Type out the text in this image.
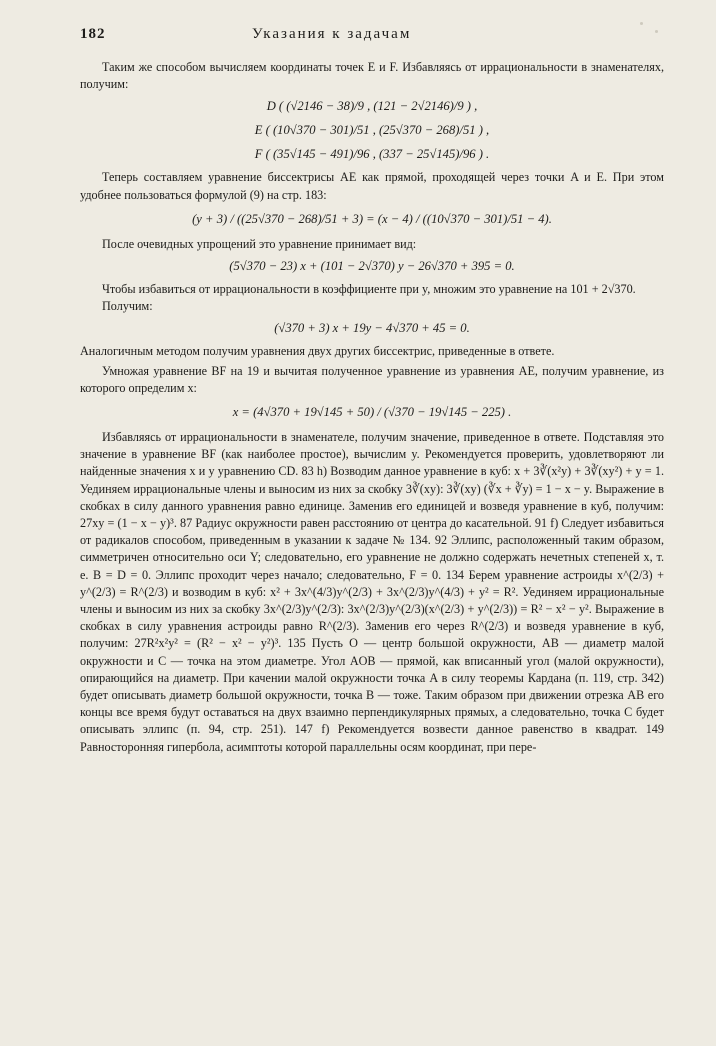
182	Указания к задачам

Таким же способом вычисляем координаты точек E и F. Избавляясь от иррациональности в знаменателях, получим:

D ( (√2146 − 38)/9 , (121 − 2√2146)/9 ) ,
E ( (10√370 − 301)/51 , (25√370 − 268)/51 ) ,
F ( (35√145 − 491)/96 , (337 − 25√145)/96 ) .

Теперь составляем уравнение биссектрисы AE как прямой, проходящей через точки A и E. При этом удобнее пользоваться формулой (9) на стр. 183:

(y + 3) / ((25√370 − 268)/51 + 3) = (x − 4) / ((10√370 − 301)/51 − 4).

После очевидных упрощений это уравнение принимает вид:

(5√370 − 23) x + (101 − 2√370) y − 26√370 + 395 = 0.

Чтобы избавиться от иррациональности в коэффициенте при y, множим это уравнение на 101 + 2√370.

Получим:

(√370 + 3) x + 19y − 4√370 + 45 = 0.

Аналогичным методом получим уравнения двух других биссектрис, приведенные в ответе.

Умножая уравнение BF на 19 и вычитая полученное уравнение из уравнения AE, получим уравнение, из которого определим x:

x = (4√370 + 19√145 + 50) / (√370 − 19√145 − 225) .

Избавляясь от иррациональности в знаменателе, получим значение, приведенное в ответе. Подставляя это значение в уравнение BF (как наиболее простое), вычислим y. Рекомендуется проверить, удовлетворяют ли найденные значения x и y уравнению CD. 83 h) Возводим данное уравнение в куб: x + 3∛(x²y) + 3∛(xy²) + y = 1. Уединяем иррациональные члены и выносим из них за скобку 3∛(xy): 3∛(xy) (∛x + ∛y) = 1 − x − y. Выражение в скобках в силу данного уравнения равно единице. Заменив его единицей и возведя уравнение в куб, получим: 27xy = (1 − x − y)³. 87 Радиус окружности равен расстоянию от центра до касательной. 91 f) Следует избавиться от радикалов способом, приведенным в указании к задаче № 134. 92 Эллипс, расположенный таким образом, симметричен относительно оси Y; следовательно, его уравнение не должно содержать нечетных степеней x, т. е. B = D = 0. Эллипс проходит через начало; следовательно, F = 0. 134 Берем уравнение астроиды x^(2/3) + y^(2/3) = R^(2/3) и возводим в куб: x² + 3x^(4/3)y^(2/3) + 3x^(2/3)y^(4/3) + y² = R². Уединяем иррациональные члены и выносим из них за скобку 3x^(2/3)y^(2/3): 3x^(2/3)y^(2/3)(x^(2/3) + y^(2/3)) = R² − x² − y². Выражение в скобках в силу уравнения астроиды равно R^(2/3). Заменив его через R^(2/3) и возведя уравнение в куб, получим: 27R²x²y² = (R² − x² − y²)³. 135 Пусть O — центр большой окружности, AB — диаметр малой окружности и C — точка на этом диаметре. Угол AOB — прямой, как вписанный угол (малой окружности), опирающийся на диаметр. При качении малой окружности точка A в силу теоремы Кардана (п. 119, стр. 342) будет описывать диаметр большой окружности, точка B — тоже. Таким образом при движении отрезка AB его концы все время будут оставаться на двух взаимно перпендикулярных прямых, а следовательно, точка C будет описывать эллипс (п. 94, стр. 251). 147 f) Рекомендуется возвести данное равенство в квадрат. 149 Равносторонняя гипербола, асимптоты которой параллельны осям координат, при пере-
